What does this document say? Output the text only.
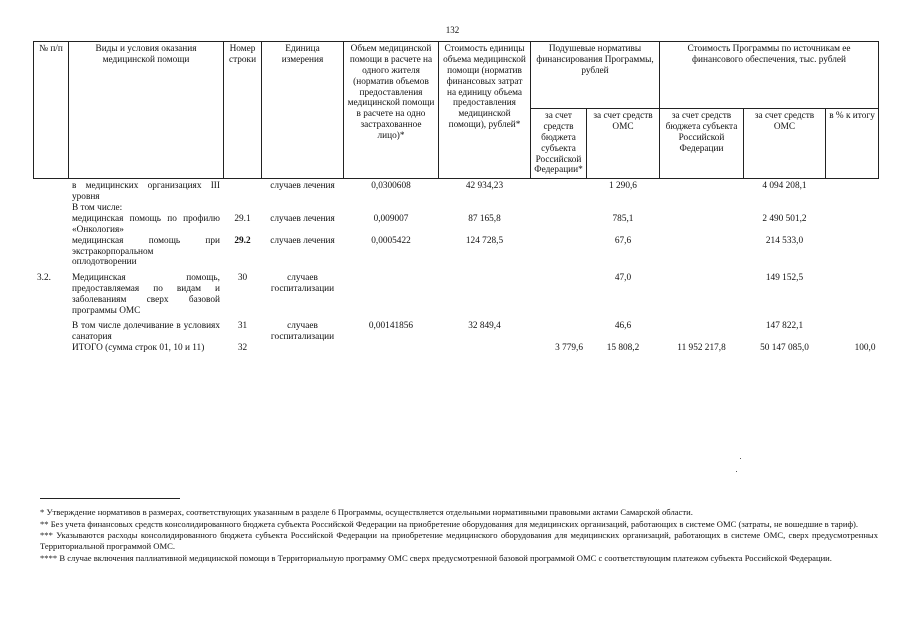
132
№ п/п	Виды и условия оказания медицинской помощи	Номер строки	Единица измерения	Объем медицинской помощи в расчете на одного жителя (норматив объемов предоставления медицинской помощи в расчете на одно застрахованное лицо)*	Стоимость единицы объема медицинской помощи (норматив финансовых затрат на единицу объема предоставления медицинской помощи), рублей*	Подушевые нормативы финансирования Программы, рублей		Стоимость Программы по источникам ее финансового обеспечения, тыс. рублей		
						за счет средств бюджета субъекта Российской Федерации*	за счет средств ОМС	за счет средств бюджета субъекта Российской Федерации	за счет средств ОМС	в % к итогу
	в медицинских организациях III уровня		случаев лечения	0,0300608	42 934,23		1 290,6		4 094 208,1	
	В том числе:									
	медицинская помощь по профилю «Онкология»	29.1	случаев лечения	0,009007	87 165,8		785,1		2 490 501,2	
	медицинская помощь при экстракорпоральном оплодотворении	29.2	случаев лечения	0,0005422	124 728,5		67,6		214 533,0	
3.2.	Медицинская помощь, предоставляемая по видам и заболеваниям сверх базовой программы ОМС	30	случаев госпитализации				47,0		149 152,5	
	В том числе долечивание в условиях санатория	31	случаев госпитализации	0,00141856	32 849,4		46,6		147 822,1	
	ИТОГО (сумма строк 01, 10 и 11)	32				3 779,6	15 808,2	11 952 217,8	50 147 085,0	100,0

* Утверждение нормативов в размерах, соответствующих указанным в разделе 6 Программы, осуществляется отдельными нормативными правовыми актами Самарской области.

** Без учета финансовых средств консолидированного бюджета субъекта Российской Федерации на приобретение оборудования для медицинских организаций, работающих в системе ОМС (затраты, не вошедшие в тариф).

*** Указываются расходы консолидированного бюджета субъекта Российской Федерации на приобретение медицинского оборудования для медицинских организаций, работающих в системе ОМС, сверх предусмотренных Территориальной программой ОМС.

**** В случае включения паллиативной медицинской помощи в Территориальную программу ОМС сверх предусмотренной базовой программой ОМС с соответствующим платежом субъекта Российской Федерации.
